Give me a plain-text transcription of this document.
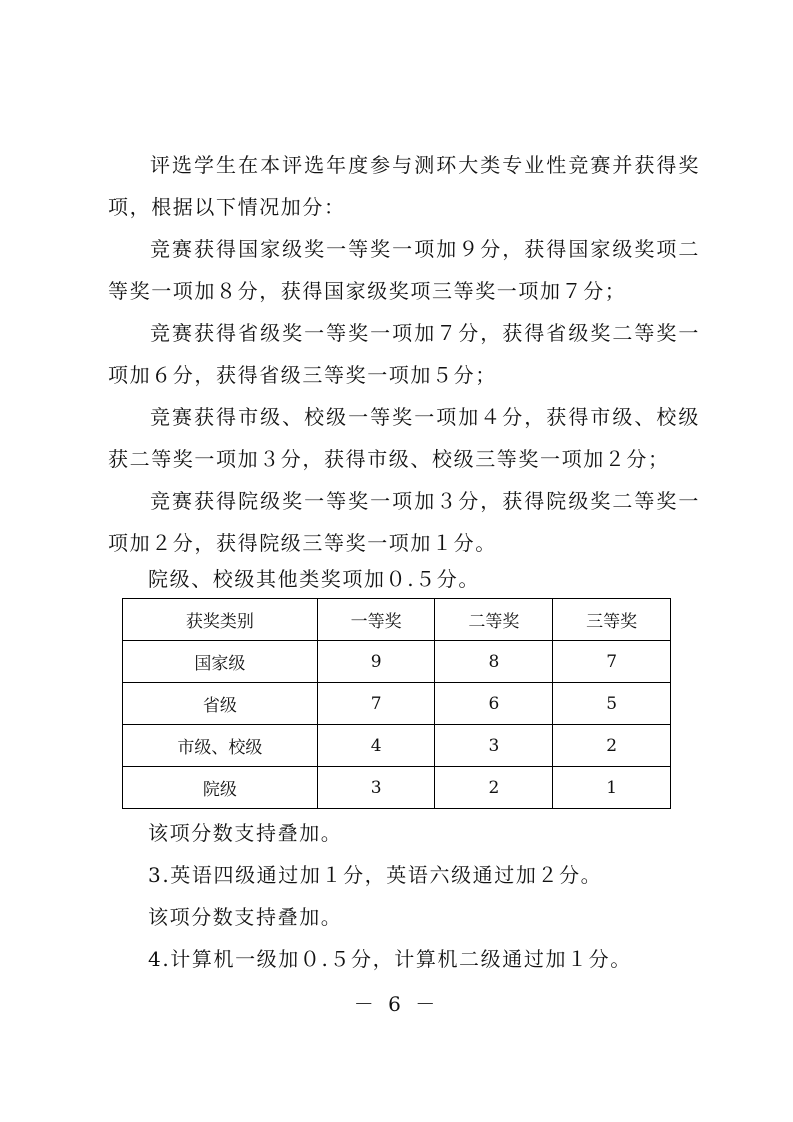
评选学生在本评选年度参与测环大类专业性竞赛并获得奖项，根据以下情况加分：

竞赛获得国家级奖一等奖一项加９分，获得国家级奖项二等奖一项加８分，获得国家级奖项三等奖一项加７分；

竞赛获得省级奖一等奖一项加７分，获得省级奖二等奖一项加６分，获得省级三等奖一项加５分；

竞赛获得市级、校级一等奖一项加４分，获得市级、校级获二等奖一项加３分，获得市级、校级三等奖一项加２分；

竞赛获得院级奖一等奖一项加３分，获得院级奖二等奖一项加２分，获得院级三等奖一项加１分。

院级、校级其他类奖项加０.５分。

获奖类别	一等奖	二等奖	三等奖
国家级	9	8	7
省级	7	6	5
市级、校级	4	3	2
院级	3	2	1

该项分数支持叠加。

3.英语四级通过加１分，英语六级通过加２分。

该项分数支持叠加。

4.计算机一级加０.５分，计算机二级通过加１分。

－ 6 －
